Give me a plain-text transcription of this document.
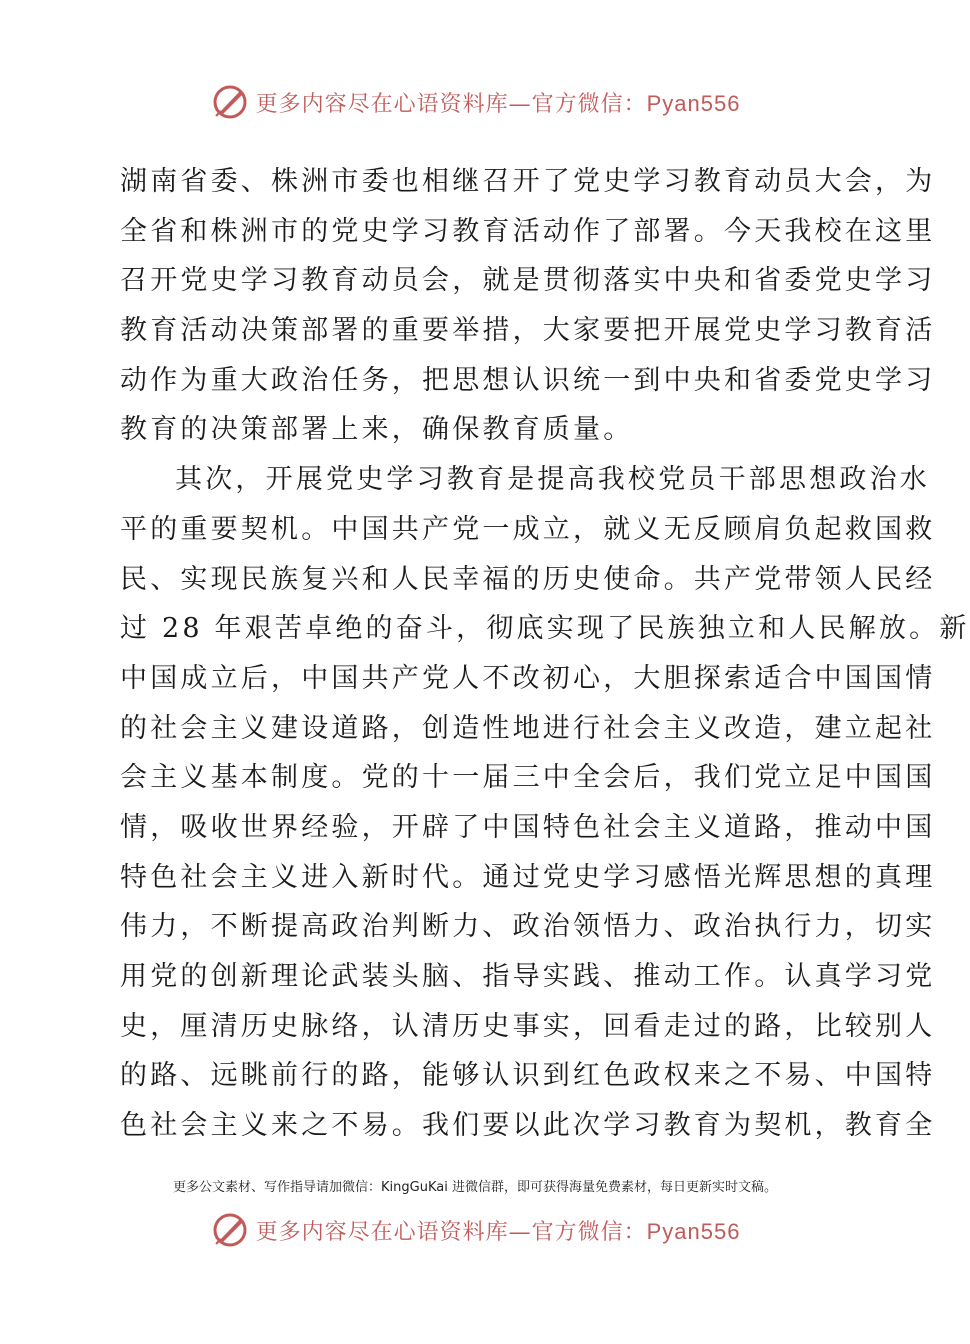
更多内容尽在心语资料库—官方微信：Pyan556
湖南省委、株洲市委也相继召开了党史学习教育动员大会，为
全省和株洲市的党史学习教育活动作了部署。今天我校在这里
召开党史学习教育动员会，就是贯彻落实中央和省委党史学习
教育活动决策部署的重要举措，大家要把开展党史学习教育活
动作为重大政治任务，把思想认识统一到中央和省委党史学习
教育的决策部署上来，确保教育质量。
其次，开展党史学习教育是提高我校党员干部思想政治水
平的重要契机。中国共产党一成立，就义无反顾肩负起救国救
民、实现民族复兴和人民幸福的历史使命。共产党带领人民经
过 28 年艰苦卓绝的奋斗，彻底实现了民族独立和人民解放。新
中国成立后，中国共产党人不改初心，大胆探索适合中国国情
的社会主义建设道路，创造性地进行社会主义改造，建立起社
会主义基本制度。党的十一届三中全会后，我们党立足中国国
情，吸收世界经验，开辟了中国特色社会主义道路，推动中国
特色社会主义进入新时代。通过党史学习感悟光辉思想的真理
伟力，不断提高政治判断力、政治领悟力、政治执行力，切实
用党的创新理论武装头脑、指导实践、推动工作。认真学习党
史，厘清历史脉络，认清历史事实，回看走过的路，比较别人
的路、远眺前行的路，能够认识到红色政权来之不易、中国特
色社会主义来之不易。我们要以此次学习教育为契机，教育全
更多公文素材、写作指导请加微信：KingGuKai 进微信群，即可获得海量免费素材，每日更新实时文稿。
更多内容尽在心语资料库—官方微信：Pyan556
